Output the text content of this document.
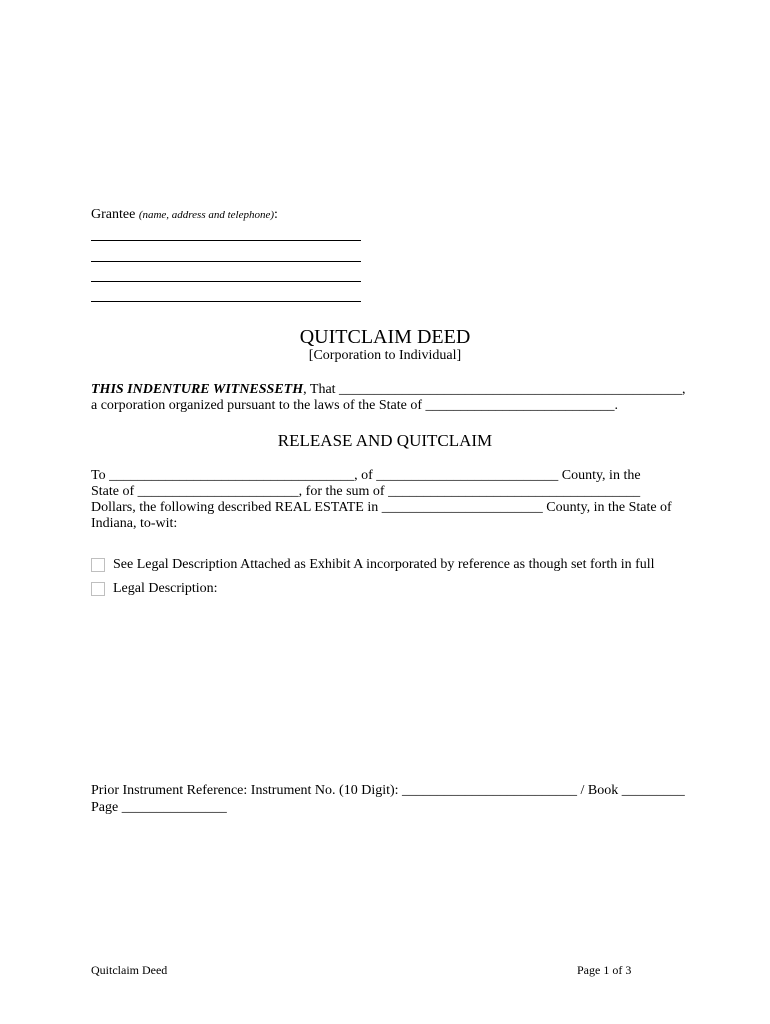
Grantee (name, address and telephone):
QUITCLAIM DEED
[Corporation to Individual]
THIS INDENTURE WITNESSETH, That _________________________________________________,
a corporation organized pursuant to the laws of the State of ___________________________.
RELEASE AND QUITCLAIM
To ___________________________________, of __________________________ County, in the
State of _______________________, for the sum of ____________________________________
Dollars, the following described REAL ESTATE in _______________________ County, in the State of
Indiana, to-wit:
See Legal Description Attached as Exhibit A incorporated by reference as though set forth in full
Legal Description:
Prior Instrument Reference: Instrument No. (10 Digit): _________________________ / Book _________
Page _______________
Quitclaim Deed	Page 1 of 3
